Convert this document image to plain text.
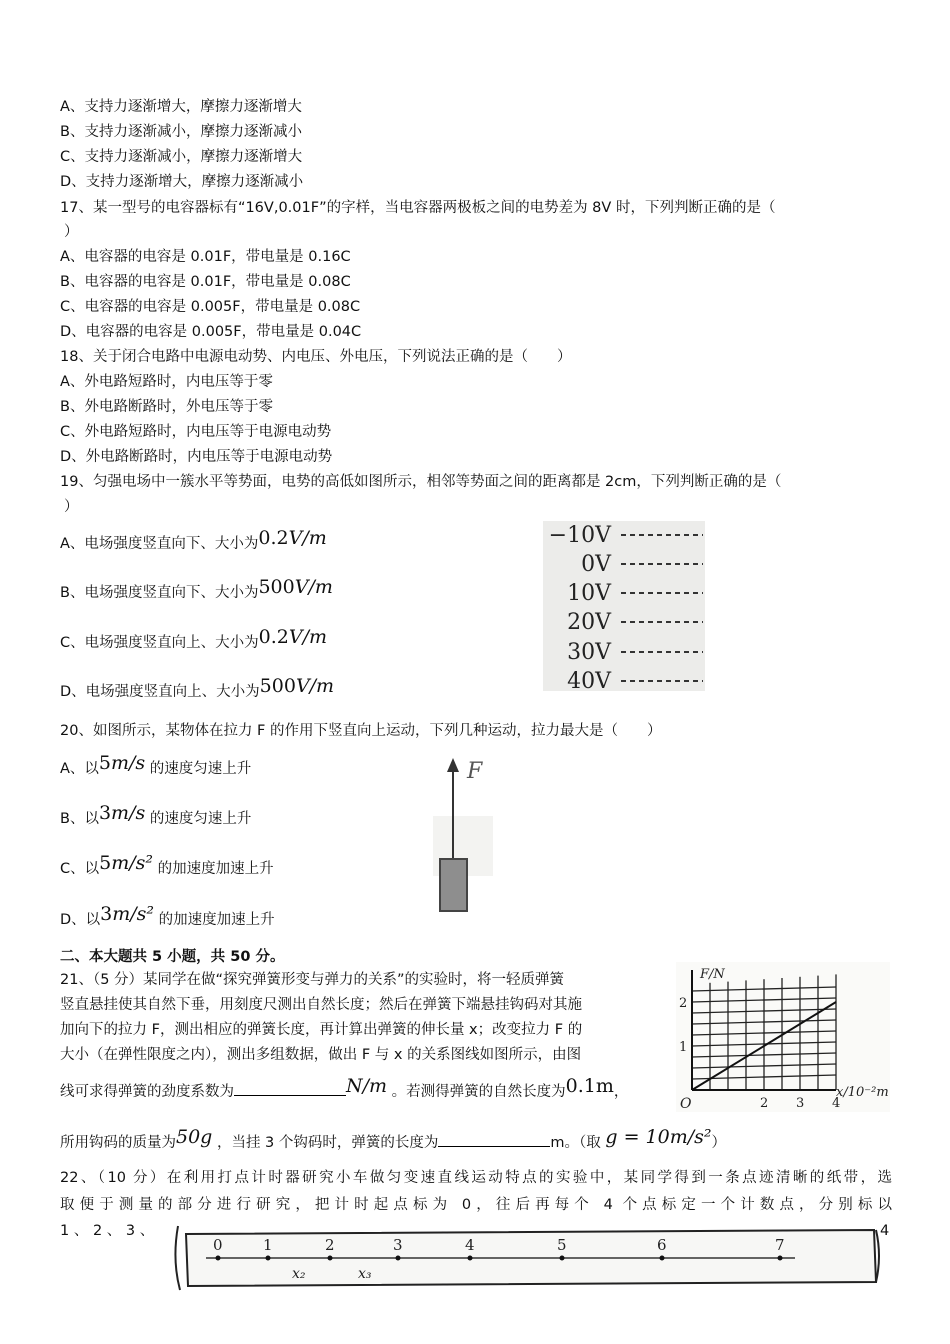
A、支持力逐渐增大，摩擦力逐渐增大
B、支持力逐渐减小，摩擦力逐渐减小
C、支持力逐渐减小，摩擦力逐渐增大
D、支持力逐渐增大，摩擦力逐渐减小
17、某一型号的电容器标有“16V,0.01F”的字样，当电容器两极板之间的电势差为 8V 时，下列判断正确的是（
）
A、电容器的电容是 0.01F，带电量是 0.16C
B、电容器的电容是 0.01F，带电量是 0.08C
C、电容器的电容是 0.005F，带电量是 0.08C
D、电容器的电容是 0.005F，带电量是 0.04C
18、关于闭合电路中电源电动势、内电压、外电压，下列说法正确的是（　　）
A、外电路短路时，内电压等于零
B、外电路断路时，外电压等于零
C、外电路短路时，内电压等于电源电动势
D、外电路断路时，内电压等于电源电动势
19、匀强电场中一簇水平等势面，电势的高低如图所示，相邻等势面之间的距离都是 2cm，下列判断正确的是（
）
A、电场强度竖直向下、大小为0.2V/m
B、电场强度竖直向下、大小为500V/m
C、电场强度竖直向上、大小为0.2V/m
D、电场强度竖直向上、大小为500V/m
−10V
0V
10V
20V
30V
40V
20、如图所示，某物体在拉力 F 的作用下竖直向上运动，下列几种运动，拉力最大是（　　）
A、以5m/s 的速度匀速上升
B、以3m/s 的速度匀速上升
C、以5m/s² 的加速度加速上升
D、以3m/s² 的加速度加速上升
F
二、本大题共 5 小题，共 50 分。
21、（5 分）某同学在做“探究弹簧形变与弹力的关系”的实验时，将一轻质弹簧
竖直悬挂使其自然下垂，用刻度尺测出自然长度；然后在弹簧下端悬挂钩码对其施
加向下的拉力 F，测出相应的弹簧长度，再计算出弹簧的伸长量 x；改变拉力 F 的
大小（在弹性限度之内），测出多组数据，做出 F 与 x 的关系图线如图所示，由图
线可求得弹簧的劲度系数为	N/m 。若测得弹簧的自然长度为0.1m，
所用钩码的质量为50g ，当挂 3 个钩码时，弹簧的长度为	m。（取 g = 10m/s²）
F/N
x/10⁻²m
O
2
1
2 3 4
22、（10 分）在利用打点计时器研究小车做匀变速直线运动特点的实验中，某同学得到一条点迹清晰的纸带，选
取便于测量的部分进行研究，把计时起点标为 0，往后再每个 4 个点标定一个计数点，分别标以
1 、 2 、 3 、	4
0	1	2	3	4	5	6	7
x₂	x₃
